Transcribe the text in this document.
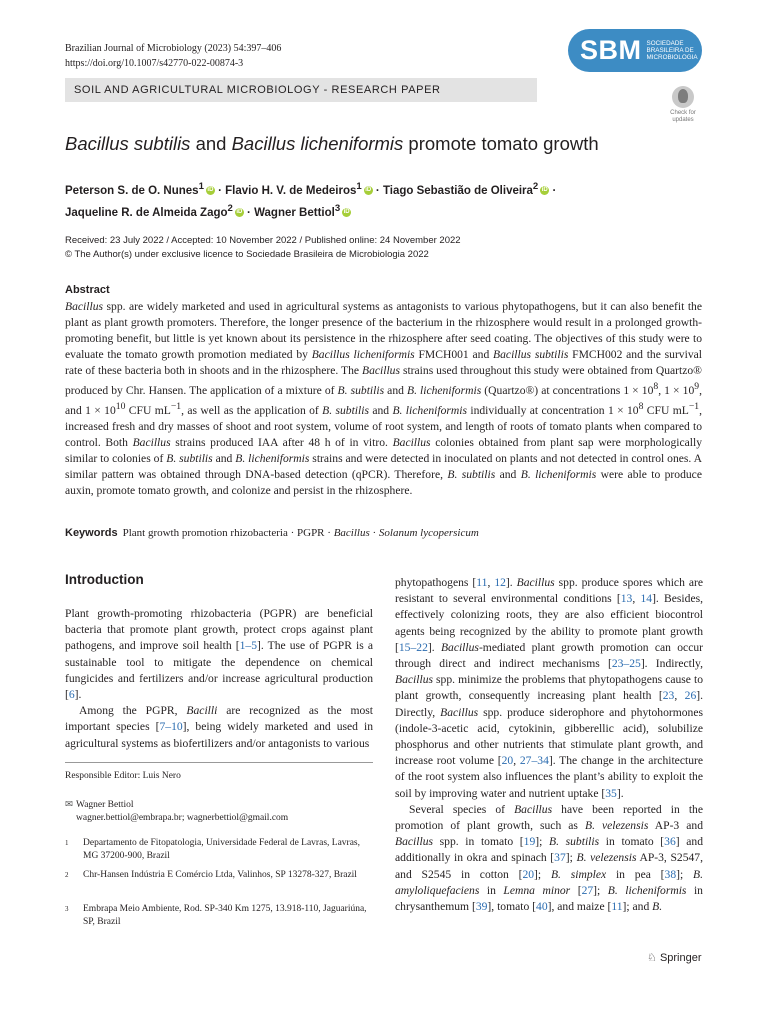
Brazilian Journal of Microbiology (2023) 54:397–406
https://doi.org/10.1007/s42770-022-00874-3	SBM SOCIEDADE
BRASILEIRA DE
MICROBIOLOGIA
SOIL AND AGRICULTURAL MICROBIOLOGY - RESEARCH PAPER
Check for
updates
Bacillus subtilis and Bacillus licheniformis promote tomato growth
Peterson S. de O. Nunes$^1$ iD · Flavio H. V. de Medeiros$^1$ iD · Tiago Sebastião de Oliveira$^2$ iD ·
Jaqueline R. de Almeida Zago$^2$ iD · Wagner Bettiol$^3$ iD
Received: 23 July 2022 / Accepted: 10 November 2022 / Published online: 24 November 2022
© The Author(s) under exclusive licence to Sociedade Brasileira de Microbiologia 2022
Abstract

Bacillus spp. are widely marketed and used in agricultural systems as antagonists to various phytopathogens, but it can also benefit the plant as plant growth promoters. Therefore, the longer presence of the bacterium in the rhizosphere would result in a prolonged growth-promoting benefit, but little is yet known about its persistence in the rhizosphere after seed coating. The objectives of this study were to evaluate the tomato growth promotion mediated by Bacillus licheniformis FMCH001 and Bacillus subtilis FMCH002 and the survival rate of these bacteria both in shoots and in the rhizosphere. The Bacillus strains used throughout this study were obtained from Quartzo® produced by Chr. Hansen. The application of a mixture of B. subtilis and B. licheniformis (Quartzo®) at concentrations $1 \times 10^8$, $1 \times 10^9$, and $1 \times 10^{10}$ CFU $mL^{-1}$, as well as the application of B. subtilis and B. licheniformis individually at concentration $1 \times 10^8$ CFU $mL^{-1}$, increased fresh and dry masses of shoot and root system, volume of root system, and length of roots of tomato plants when compared to control. Both Bacillus strains produced IAA after 48 h of in vitro. Bacillus colonies obtained from plant sap were morphologically similar to colonies of B. subtilis and B. licheniformis strains and were detected in inoculated on plants and not detected in control ones. A similar pattern was obtained through DNA-based detection (qPCR). Therefore, B. subtilis and B. licheniformis were able to produce auxin, promote tomato growth, and colonize and persist in the rhizosphere.

Keywords Plant growth promotion rhizobacteria · PGPR · Bacillus · Solanum lycopersicum
Introduction

Plant growth-promoting rhizobacteria (PGPR) are beneficial bacteria that promote plant growth, protect crops against plant pathogens, and improve soil health [1–5]. The use of PGPR is a sustainable tool to mitigate the dependence on chemical fungicides and fertilizers and/or increase agricultural production [6].

Among the PGPR, Bacilli are recognized as the most important species [7–10], being widely marketed and used in agricultural systems as biofertilizers and/or antagonists to various

phytopathogens [11, 12]. Bacillus spp. produce spores which are resistant to several environmental conditions [13, 14]. Besides, effectively colonizing roots, they are also efficient biocontrol agents being recognized by the ability to promote plant growth [15–22]. Bacillus-mediated plant growth promotion can occur through direct and indirect mechanisms [23–25]. Indirectly, Bacillus spp. minimize the problems that phytopathogens cause to plant growth, consequently increasing plant health [23, 26]. Directly, Bacillus spp. produce siderophore and phytohormones (indole-3-acetic acid, cytokinin, gibberellic acid), solubilize phosphorus and other nutrients that stimulate plant growth, and increase root volume [20, 27–34]. The change in the architecture of the root system also influences the plant’s ability to exploit the soil by improving water and nutrient uptake [35].

Several species of Bacillus have been reported in the promotion of plant growth, such as B. velezensis AP-3 and Bacillus spp. in tomato [19]; B. subtilis in tomato [36] and additionally in okra and spinach [37]; B. velezensis AP-3, S2547, and S2545 in cotton [20]; B. simplex in pea [38]; B. amyloliquefaciens in Lemna minor [27]; B. licheniformis in chrysanthemum [39], tomato [40], and maize [11]; and B.

Responsible Editor: Luis Nero
✉ Wagner Bettiol
wagner.bettiol@embrapa.br; wagnerbettiol@gmail.com
1 Departamento de Fitopatologia, Universidade Federal de Lavras, Lavras, MG 37200-900, Brazil
2 Chr-Hansen Indústria E Comércio Ltda, Valinhos, SP 13278-327, Brazil
3 Embrapa Meio Ambiente, Rod. SP-340 Km 1275, 13.918-110, Jaguariúna, SP, Brazil
♘ Springer
